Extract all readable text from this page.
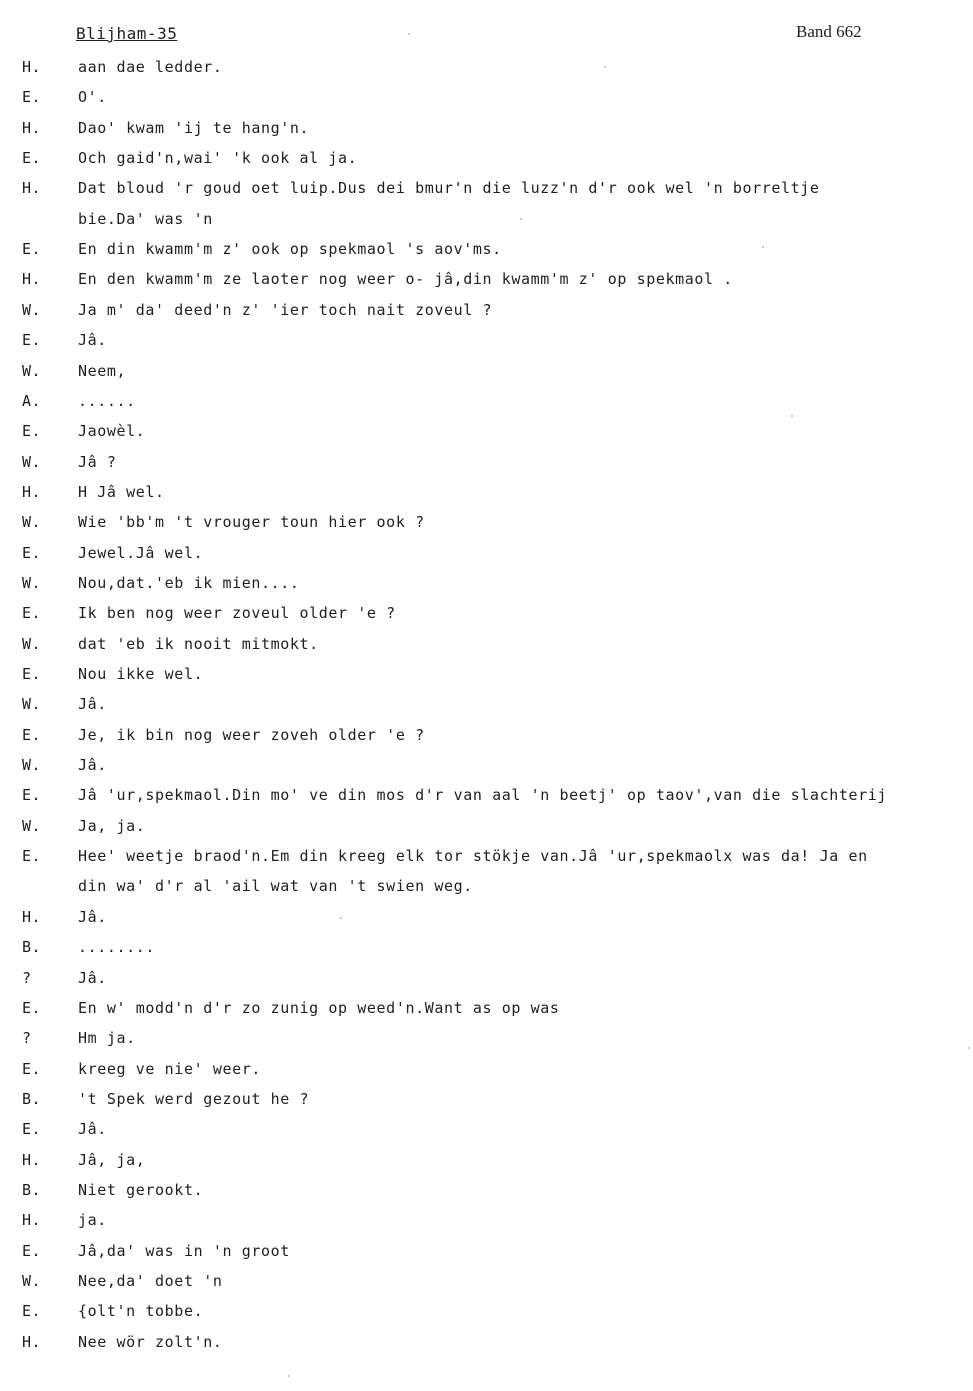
Blijham-35	Band 662
H. aan dae ledder.
E. O'.
H. Dao' kwam 'ij te hang'n.
E. Och gaid'n,wai' 'k ook al ja.
H. Dat bloud 'r goud oet luip.Dus dei bmur'n die luzz'n d'r ook wel 'n borreltje
bie.Da' was 'n
E. En din kwamm'm z' ook op spekmaol 's aov'ms.
H. En den kwamm'm ze laoter nog weer o- jâ,din kwamm'm z' op spekmaol .
W. Ja m' da' deed'n z' 'ier toch nait zoveul ?
E. Jâ.
W. Neem,
A. ......
E. Jaowèl.
W. Jâ ?
H. H Jâ wel.
W. Wie 'bb'm 't vrouger toun hier ook ?
E. Jewel.Jâ wel.
W. Nou,dat.'eb ik mien....
E. Ik ben nog weer zoveul older 'e ?
W. dat 'eb ik nooit mitmokt.
E. Nou ikke wel.
W. Jâ.
E. Je, ik bin nog weer zoveh older 'e ?
W. Jâ.
E. Jâ 'ur,spekmaol.Din mo' ve din mos d'r van aal 'n beetj' op taov',van die slachterij
W. Ja, ja.
E. Hee' weetje braod'n.Em din kreeg elk tor stökje van.Jâ 'ur,spekmaolx was da! Ja en
din wa' d'r al 'ail wat van 't swien weg.
H. Jâ.
B. ........
?	Jâ.
E. En w' modd'n d'r zo zunig op weed'n.Want as op was
?	Hm ja.
E. kreeg ve nie' weer.
B. 't Spek werd gezout he ?
E. Jâ.
H. Jâ, ja,
B. Niet gerookt.
H. ja.
E. Jâ,da' was in 'n groot
W. Nee,da' doet 'n
E. {olt'n tobbe.
H. Nee wör zolt'n.
